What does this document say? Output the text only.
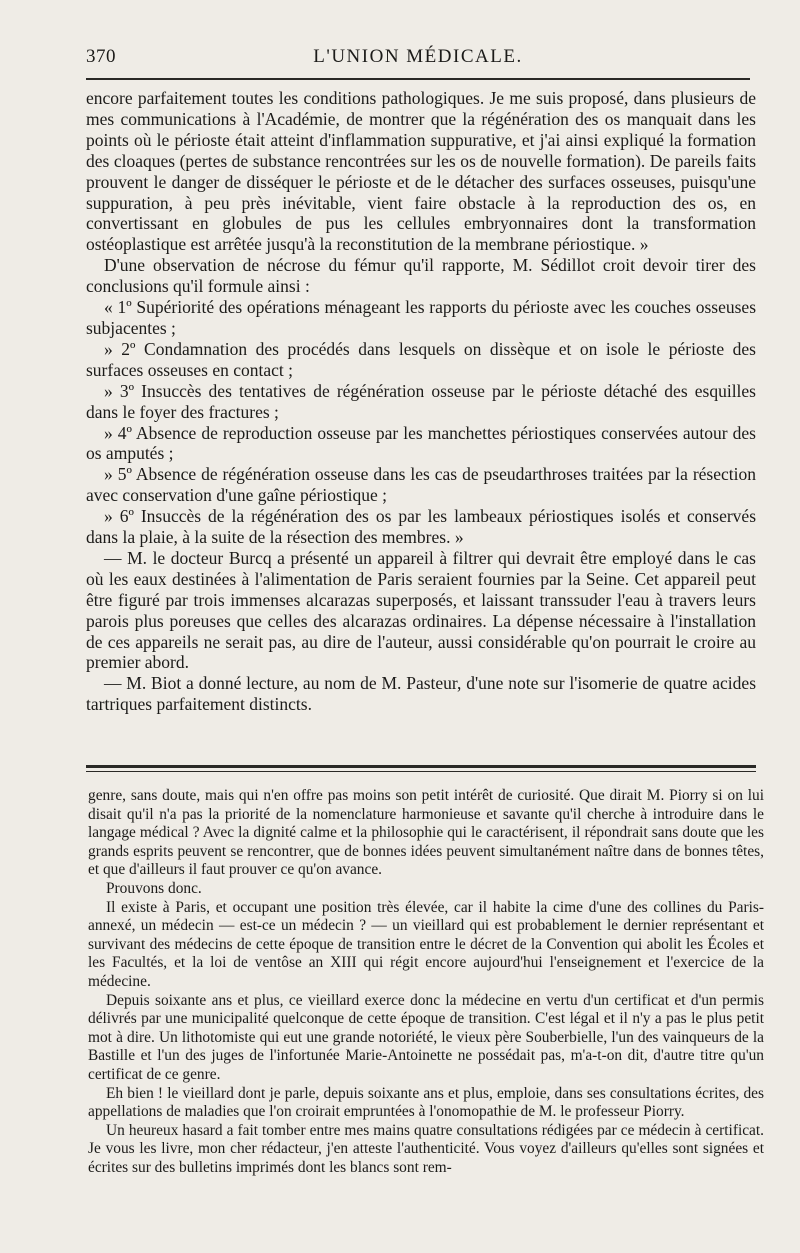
370	L'UNION MÉDICALE.

encore parfaitement toutes les conditions pathologiques. Je me suis proposé, dans plusieurs de mes communications à l'Académie, de montrer que la régénération des os manquait dans les points où le périoste était atteint d'inflammation suppurative, et j'ai ainsi expliqué la formation des cloaques (pertes de substance rencontrées sur les os de nouvelle formation). De pareils faits prouvent le danger de disséquer le périoste et de le détacher des surfaces osseuses, puisqu'une suppuration, à peu près inévitable, vient faire obstacle à la reproduction des os, en convertissant en globules de pus les cellules embryonnaires dont la transformation ostéoplastique est arrêtée jusqu'à la reconstitution de la membrane périostique. »

D'une observation de nécrose du fémur qu'il rapporte, M. Sédillot croit devoir tirer des conclusions qu'il formule ainsi :

« 1º Supériorité des opérations ménageant les rapports du périoste avec les couches osseuses subjacentes ;

» 2º Condamnation des procédés dans lesquels on dissèque et on isole le périoste des surfaces osseuses en contact ;

» 3º Insuccès des tentatives de régénération osseuse par le périoste détaché des esquilles dans le foyer des fractures ;

» 4º Absence de reproduction osseuse par les manchettes périostiques conservées autour des os amputés ;

» 5º Absence de régénération osseuse dans les cas de pseudarthroses traitées par la résection avec conservation d'une gaîne périostique ;

» 6º Insuccès de la régénération des os par les lambeaux périostiques isolés et conservés dans la plaie, à la suite de la résection des membres. »

— M. le docteur Burcq a présenté un appareil à filtrer qui devrait être employé dans le cas où les eaux destinées à l'alimentation de Paris seraient fournies par la Seine. Cet appareil peut être figuré par trois immenses alcarazas superposés, et laissant transsuder l'eau à travers leurs parois plus poreuses que celles des alcarazas ordinaires. La dépense nécessaire à l'installation de ces appareils ne serait pas, au dire de l'auteur, aussi considérable qu'on pourrait le croire au premier abord.

— M. Biot a donné lecture, au nom de M. Pasteur, d'une note sur l'isomerie de quatre acides tartriques parfaitement distincts.

genre, sans doute, mais qui n'en offre pas moins son petit intérêt de curiosité. Que dirait M. Piorry si on lui disait qu'il n'a pas la priorité de la nomenclature harmonieuse et savante qu'il cherche à introduire dans le langage médical ? Avec la dignité calme et la philosophie qui le caractérisent, il répondrait sans doute que les grands esprits peuvent se rencontrer, que de bonnes idées peuvent simultanément naître dans de bonnes têtes, et que d'ailleurs il faut prouver ce qu'on avance.

Prouvons donc.

Il existe à Paris, et occupant une position très élevée, car il habite la cime d'une des collines du Paris-annexé, un médecin — est-ce un médecin ? — un vieillard qui est probablement le dernier représentant et survivant des médecins de cette époque de transition entre le décret de la Convention qui abolit les Écoles et les Facultés, et la loi de ventôse an XIII qui régit encore aujourd'hui l'enseignement et l'exercice de la médecine.

Depuis soixante ans et plus, ce vieillard exerce donc la médecine en vertu d'un certificat et d'un permis délivrés par une municipalité quelconque de cette époque de transition. C'est légal et il n'y a pas le plus petit mot à dire. Un lithotomiste qui eut une grande notoriété, le vieux père Souberbielle, l'un des vainqueurs de la Bastille et l'un des juges de l'infortunée Marie-Antoinette ne possédait pas, m'a-t-on dit, d'autre titre qu'un certificat de ce genre.

Eh bien ! le vieillard dont je parle, depuis soixante ans et plus, emploie, dans ses consultations écrites, des appellations de maladies que l'on croirait empruntées à l'onomopathie de M. le professeur Piorry.

Un heureux hasard a fait tomber entre mes mains quatre consultations rédigées par ce médecin à certificat. Je vous les livre, mon cher rédacteur, j'en atteste l'authenticité. Vous voyez d'ailleurs qu'elles sont signées et écrites sur des bulletins imprimés dont les blancs sont rem-
